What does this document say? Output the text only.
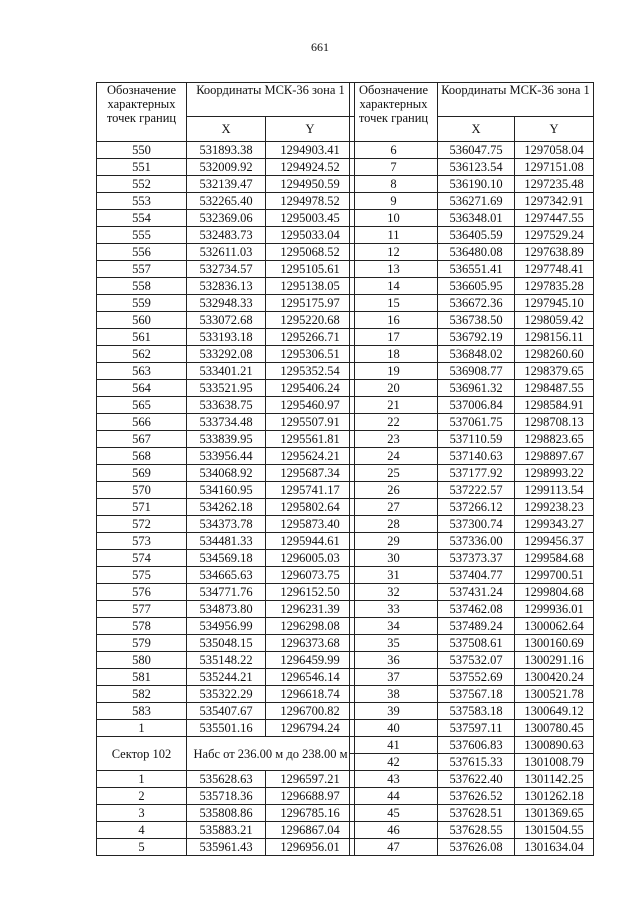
661
Обозначение характерных точек границ	Координаты МСК-36 зона 1	
	X	Y
550	531893.38	1294903.41
551	532009.92	1294924.52
552	532139.47	1294950.59
553	532265.40	1294978.52
554	532369.06	1295003.45
555	532483.73	1295033.04
556	532611.03	1295068.52
557	532734.57	1295105.61
558	532836.13	1295138.05
559	532948.33	1295175.97
560	533072.68	1295220.68
561	533193.18	1295266.71
562	533292.08	1295306.51
563	533401.21	1295352.54
564	533521.95	1295406.24
565	533638.75	1295460.97
566	533734.48	1295507.91
567	533839.95	1295561.81
568	533956.44	1295624.21
569	534068.92	1295687.34
570	534160.95	1295741.17
571	534262.18	1295802.64
572	534373.78	1295873.40
573	534481.33	1295944.61
574	534569.18	1296005.03
575	534665.63	1296073.75
576	534771.76	1296152.50
577	534873.80	1296231.39
578	534956.99	1296298.08
579	535048.15	1296373.68
580	535148.22	1296459.99
581	535244.21	1296546.14
582	535322.29	1296618.74
583	535407.67	1296700.82
1	535501.16	1296794.24
Сектор 102	Набс от 236.00 м до 238.00 м	
1	535628.63	1296597.21
2	535718.36	1296688.97
3	535808.86	1296785.16
4	535883.21	1296867.04
5	535961.43	1296956.01
Обозначение характерных точек границ	Координаты МСК-36 зона 1	
	X	Y
6	536047.75	1297058.04
7	536123.54	1297151.08
8	536190.10	1297235.48
9	536271.69	1297342.91
10	536348.01	1297447.55
11	536405.59	1297529.24
12	536480.08	1297638.89
13	536551.41	1297748.41
14	536605.95	1297835.28
15	536672.36	1297945.10
16	536738.50	1298059.42
17	536792.19	1298156.11
18	536848.02	1298260.60
19	536908.77	1298379.65
20	536961.32	1298487.55
21	537006.84	1298584.91
22	537061.75	1298708.13
23	537110.59	1298823.65
24	537140.63	1298897.67
25	537177.92	1298993.22
26	537222.57	1299113.54
27	537266.12	1299238.23
28	537300.74	1299343.27
29	537336.00	1299456.37
30	537373.37	1299584.68
31	537404.77	1299700.51
32	537431.24	1299804.68
33	537462.08	1299936.01
34	537489.24	1300062.64
35	537508.61	1300160.69
36	537532.07	1300291.16
37	537552.69	1300420.24
38	537567.18	1300521.78
39	537583.18	1300649.12
40	537597.11	1300780.45
41	537606.83	1300890.63
42	537615.33	1301008.79
43	537622.40	1301142.25
44	537626.52	1301262.18
45	537628.51	1301369.65
46	537628.55	1301504.55
47	537626.08	1301634.04
